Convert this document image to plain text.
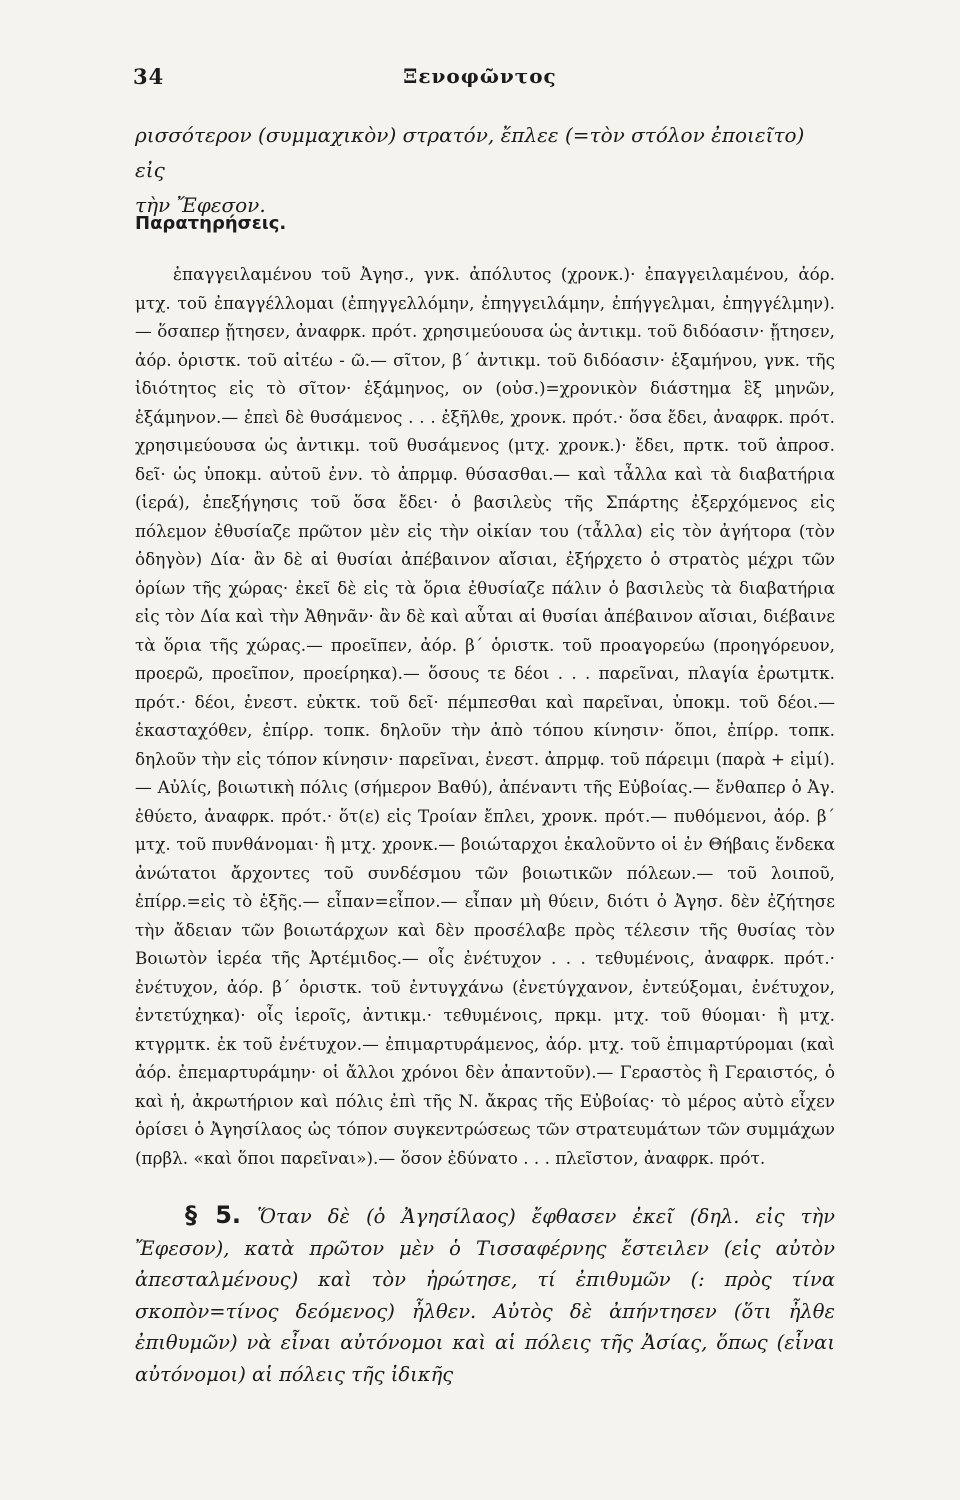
34	Ξενοφῶντος

ρισσότερον (συμμαχικὸν) στρατόν, ἔπλεε (=τὸν στόλον ἐποιεῖτο) εἰς

τὴν Ἔφεσον.

Παρατηρήσεις.

ἐπαγγειλαμένου τοῦ Ἀγησ., γνκ. ἀπόλυτος (χρονκ.)· ἐπαγγειλαμένου, ἀόρ. μτχ. τοῦ ἐπαγγέλλομαι (ἐπηγγελλόμην, ἐπηγγειλάμην, ἐπήγγελμαι, ἐπηγγέλμην).— ὅσαπερ ᾔτησεν, ἀναφρκ. πρότ. χρησιμεύουσα ὡς ἀντικμ. τοῦ διδόασιν· ᾔτησεν, ἀόρ. ὁριστκ. τοῦ αἰτέω - ῶ.— σῖτον, β΄ ἀντικμ. τοῦ διδόασιν· ἑξαμήνου, γνκ. τῆς ἰδιότητος εἰς τὸ σῖτον· ἑξάμηνος, ον (οὐσ.)=χρονικὸν διάστημα ἓξ μηνῶν, ἑξάμηνον.— ἐπεὶ δὲ θυσάμενος . . . ἐξῆλθε, χρονκ. πρότ.· ὅσα ἔδει, ἀναφρκ. πρότ. χρησιμεύουσα ὡς ἀντικμ. τοῦ θυσάμενος (μτχ. χρονκ.)· ἔδει, πρτκ. τοῦ ἀπροσ. δεῖ· ὡς ὑποκμ. αὐτοῦ ἐνν. τὸ ἀπρμφ. θύσασθαι.— καὶ τἆλλα καὶ τὰ διαβατήρια (ἱερά), ἐπεξήγησις τοῦ ὅσα ἔδει· ὁ βασιλεὺς τῆς Σπάρτης ἐξερχόμενος εἰς πόλεμον ἐθυσίαζε πρῶτον μὲν εἰς τὴν οἰκίαν του (τἆλλα) εἰς τὸν ἀγήτορα (τὸν ὁδηγὸν) Δία· ἂν δὲ αἱ θυσίαι ἀπέβαινον αἴσιαι, ἐξήρχετο ὁ στρατὸς μέχρι τῶν ὁρίων τῆς χώρας· ἐκεῖ δὲ εἰς τὰ ὅρια ἐθυσίαζε πάλιν ὁ βασιλεὺς τὰ διαβατήρια εἰς τὸν Δία καὶ τὴν Ἀθηνᾶν· ἂν δὲ καὶ αὗται αἱ θυσίαι ἀπέβαινον αἴσιαι, διέβαινε τὰ ὅρια τῆς χώρας.— προεῖπεν, ἀόρ. β΄ ὁριστκ. τοῦ προαγορεύω (προηγόρευον, προερῶ, προεῖπον, προείρηκα).— ὅσους τε δέοι . . . παρεῖναι, πλαγία ἐρωτμτκ. πρότ.· δέοι, ἐνεστ. εὐκτκ. τοῦ δεῖ· πέμπεσθαι καὶ παρεῖναι, ὑποκμ. τοῦ δέοι.— ἑκασταχόθεν, ἐπίρρ. τοπκ. δηλοῦν τὴν ἀπὸ τόπου κίνησιν· ὅποι, ἐπίρρ. τοπκ. δηλοῦν τὴν εἰς τόπον κίνησιν· παρεῖναι, ἐνεστ. ἀπρμφ. τοῦ πάρειμι (παρὰ + εἰμί).— Αὐλίς, βοιωτικὴ πόλις (σήμερον Βαθύ), ἀπέναντι τῆς Εὐβοίας.— ἔνθαπερ ὁ Ἀγ. ἐθύετο, ἀναφρκ. πρότ.· ὅτ(ε) εἰς Τροίαν ἔπλει, χρονκ. πρότ.— πυθόμενοι, ἀόρ. β΄ μτχ. τοῦ πυνθάνομαι· ἢ μτχ. χρονκ.— βοιώταρχοι ἐκαλοῦντο οἱ ἐν Θήβαις ἕνδεκα ἀνώτατοι ἄρχοντες τοῦ συνδέσμου τῶν βοιωτικῶν πόλεων.— τοῦ λοιποῦ, ἐπίρρ.=εἰς τὸ ἑξῆς.— εἶπαν=εἶπον.— εἶπαν μὴ θύειν, διότι ὁ Ἀγησ. δὲν ἐζήτησε τὴν ἄδειαν τῶν βοιωτάρχων καὶ δὲν προσέλαβε πρὸς τέλεσιν τῆς θυσίας τὸν Βοιωτὸν ἱερέα τῆς Ἀρτέμιδος.— οἷς ἐνέτυχον . . . τεθυμένοις, ἀναφρκ. πρότ.· ἐνέτυχον, ἀόρ. β΄ ὁριστκ. τοῦ ἐντυγχάνω (ἐνετύγχανον, ἐντεύξομαι, ἐνέτυχον, ἐντετύχηκα)· οἷς ἱεροῖς, ἀντικμ.· τεθυμένοις, πρκμ. μτχ. τοῦ θύομαι· ἢ μτχ. κτγρμτκ. ἐκ τοῦ ἐνέτυχον.— ἐπιμαρτυράμενος, ἀόρ. μτχ. τοῦ ἐπιμαρτύρομαι (καὶ ἀόρ. ἐπεμαρτυράμην· οἱ ἄλλοι χρόνοι δὲν ἀπαντοῦν).— Γεραστὸς ἢ Γεραιστός, ὁ καὶ ἡ, ἀκρωτήριον καὶ πόλις ἐπὶ τῆς Ν. ἄκρας τῆς Εὐβοίας· τὸ μέρος αὐτὸ εἶχεν ὁρίσει ὁ Ἀγησίλαος ὡς τόπον συγκεντρώσεως τῶν στρατευμάτων τῶν συμμάχων (πρβλ. «καὶ ὅποι παρεῖναι»).— ὅσον ἐδύνατο . . . πλεῖστον, ἀναφρκ. πρότ.

§ 5. Ὅταν δὲ (ὁ Ἀγησίλαος) ἔφθασεν ἐκεῖ (δηλ. εἰς τὴν Ἔφεσον), κατὰ πρῶτον μὲν ὁ Τισσαφέρνης ἔστειλεν (εἰς αὐτὸν ἀπεσταλμένους) καὶ τὸν ἠρώτησε, τί ἐπιθυμῶν (: πρὸς τίνα σκοπὸν=τίνος δεόμενος) ἦλθεν. Αὐτὸς δὲ ἀπήντησεν (ὅτι ἦλθε ἐπιθυμῶν) νὰ εἶναι αὐτόνομοι καὶ αἱ πόλεις τῆς Ἀσίας, ὅπως (εἶναι αὐτόνομοι) αἱ πόλεις τῆς ἰδικῆς
